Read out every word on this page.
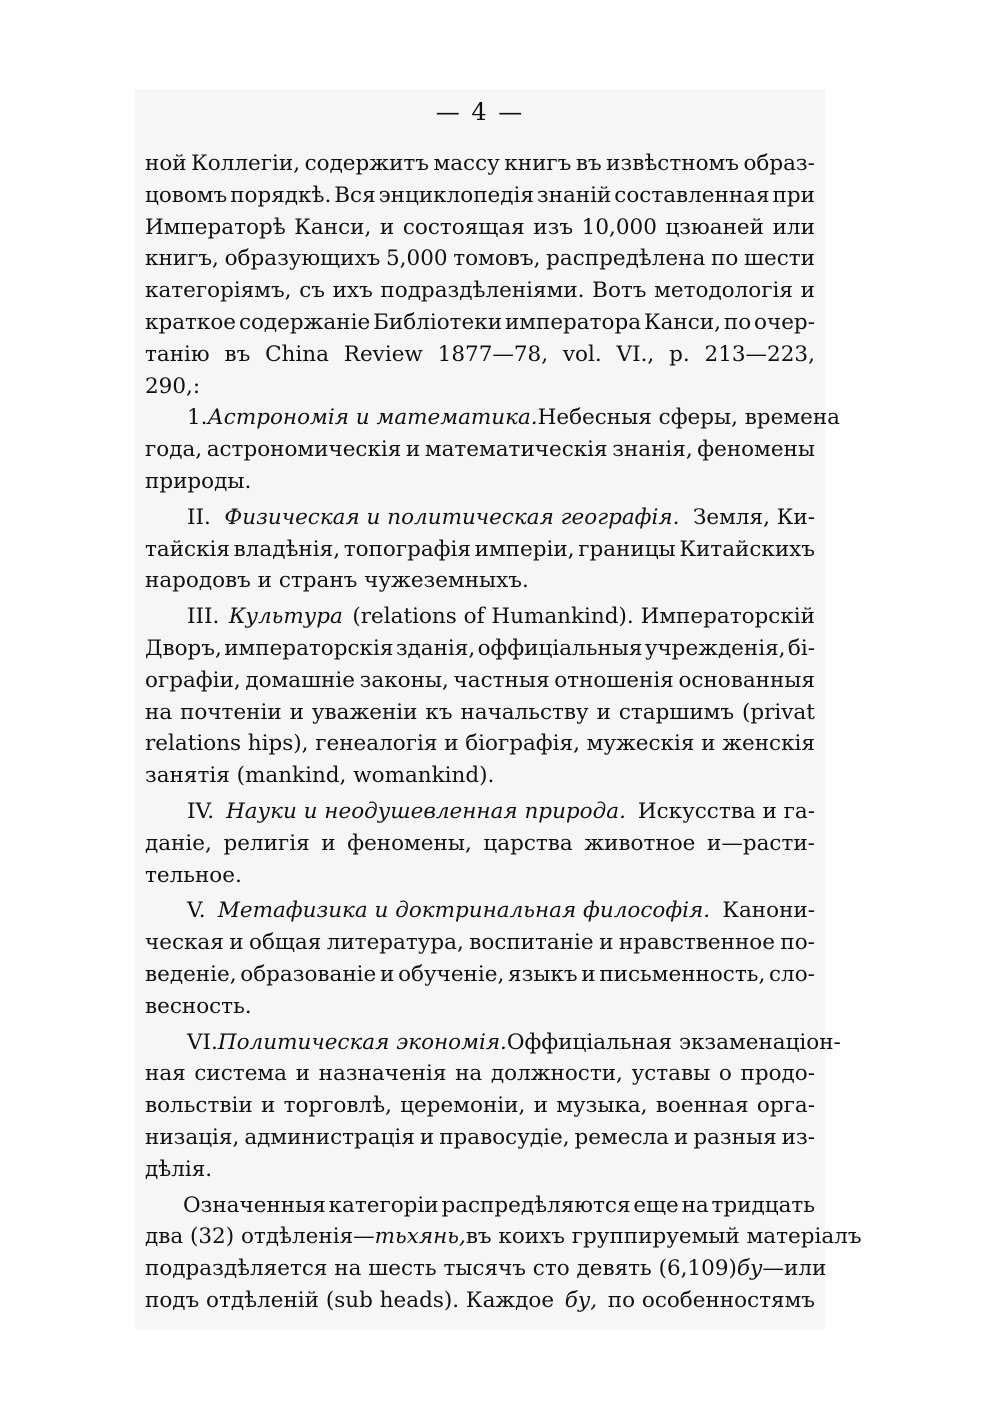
— 4 —
ной Коллегіи, содержитъ массу книгъ въ извѣстномъ образ-
цовомъ порядкѣ. Вся энциклопедія знаній составленная при
Императорѣ Канси, и состоящая изъ 10,000 цзюаней или
книгъ, образующихъ 5,000 томовъ, распредѣлена по шести
категоріямъ, съ ихъ подраздѣленіями. Вотъ методологія и
краткое содержаніе Библіотеки императора Канси, по очер-
танію въ China Review 1877—78, vol. VI., p. 213—223,
290,:
1. Астрономія и математика. Небесныя сферы, времена
года, астрономическія и математическія знанія, феномены
природы.
II. Физическая и политическая географія. Земля, Ки-
тайскія владѣнія, топографія имперіи, границы Китайскихъ
народовъ и странъ чужеземныхъ.
III. Культура (relations of Humankind). Императорскій
Дворъ, императорскія зданія, оффиціальныя учрежденія, бі-
ографіи, домашніе законы, частныя отношенія основанныя
на почтеніи и уваженіи къ начальству и старшимъ (privat
relations hips), генеалогія и біографія, мужескія и женскія
занятія (mankind, womankind).
IV. Науки и неодушевленная природа. Искусства и га-
даніе, религія и феномены, царства животное и—расти-
тельное.
V. Метафизика и доктринальная философія. Канони-
ческая и общая литература, воспитаніе и нравственное по-
веденіе, образованіе и обученіе, языкъ и письменность, сло-
весность.
VI. Политическая экономія. Оффиціальная экзаменаціон-
ная система и назначенія на должности, уставы о продо-
вольствіи и торговлѣ, церемоніи, и музыка, военная орга-
низація, администрація и правосудіе, ремесла и разныя из-
дѣлія.
Означенныя категоріи распредѣляются еще на тридцать
два (32) отдѣленія— тьхянь, въ коихъ группируемый матеріалъ
подраздѣляется на шесть тысячъ сто девять (6,109) бу —или
подъ отдѣленій (sub heads). Каждое бу, по особенностямъ
